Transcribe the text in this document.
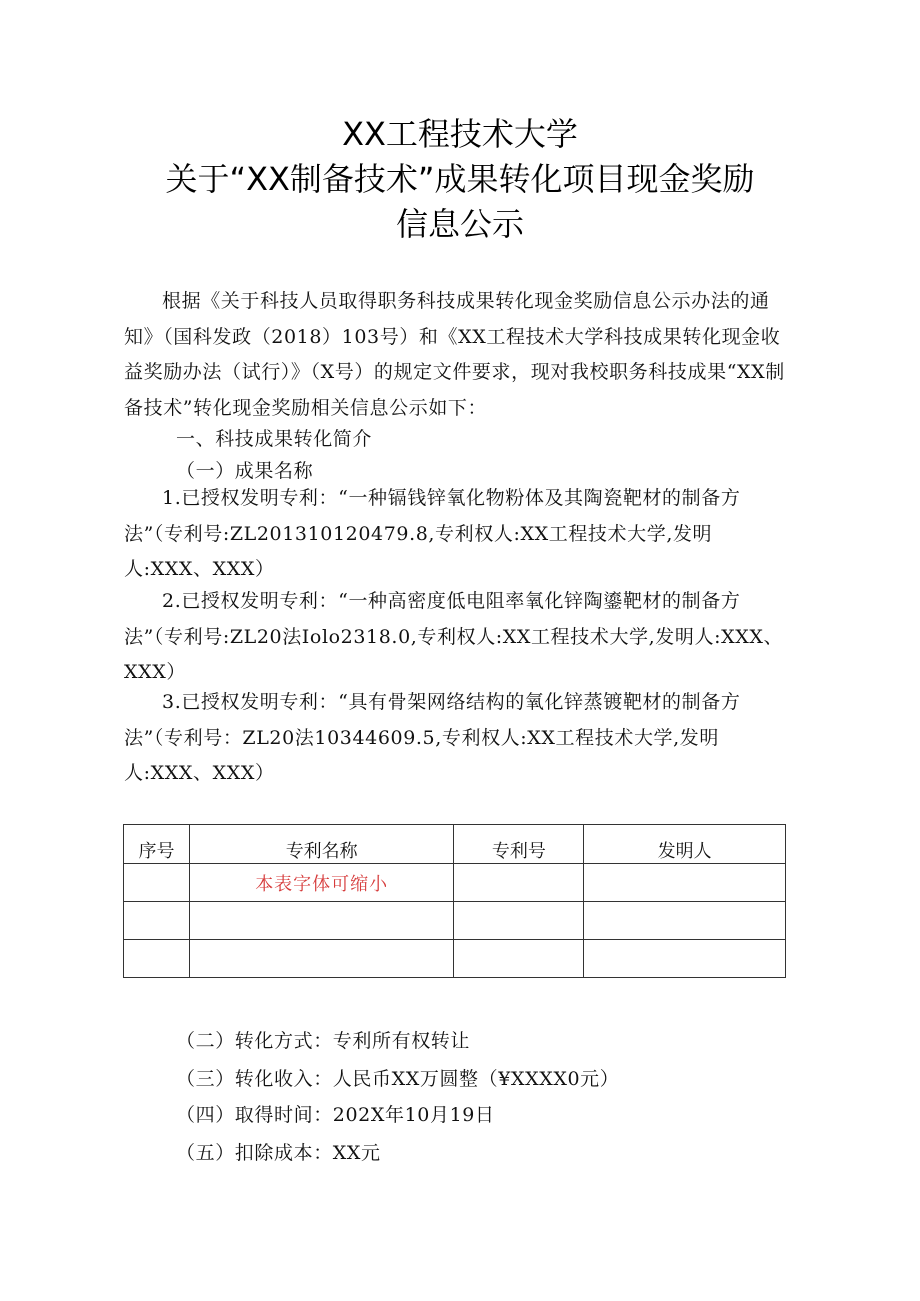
XX工程技术大学
关于“XX制备技术”成果转化项目现金奖励
信息公示

根据《关于科技人员取得职务科技成果转化现金奖励信息公示办法的通知》（国科发政（2018）103号）和《XX工程技术大学科技成果转化现金收益奖励办法（试行）》（X号）的规定文件要求，现对我校职务科技成果“XX制备技术”转化现金奖励相关信息公示如下：

一、科技成果转化简介

（一）成果名称

1.已授权发明专利：“一种镉钱锌氧化物粉体及其陶瓷靶材的制备方法”（专利号:ZL201310120479.8,专利权人:XX工程技术大学,发明人:XXX、XXX）

2.已授权发明专利：“一种高密度低电阻率氧化锌陶鎏靶材的制备方法”（专利号:ZL20法Iolo2318.0,专利权人:XX工程技术大学,发明人:XXX、XXX）

3.已授权发明专利：“具有骨架网络结构的氧化锌蒸镀靶材的制备方法”（专利号：ZL20法10344609.5,专利权人:XX工程技术大学,发明人:XXX、XXX）

序号	专利名称	专利号	发明人
	本表字体可缩小		

（二）转化方式：专利所有权转让

（三）转化收入：人民币XX万圆整（¥XXXX0元）

（四）取得时间：202X年10月19日

（五）扣除成本：XX元
